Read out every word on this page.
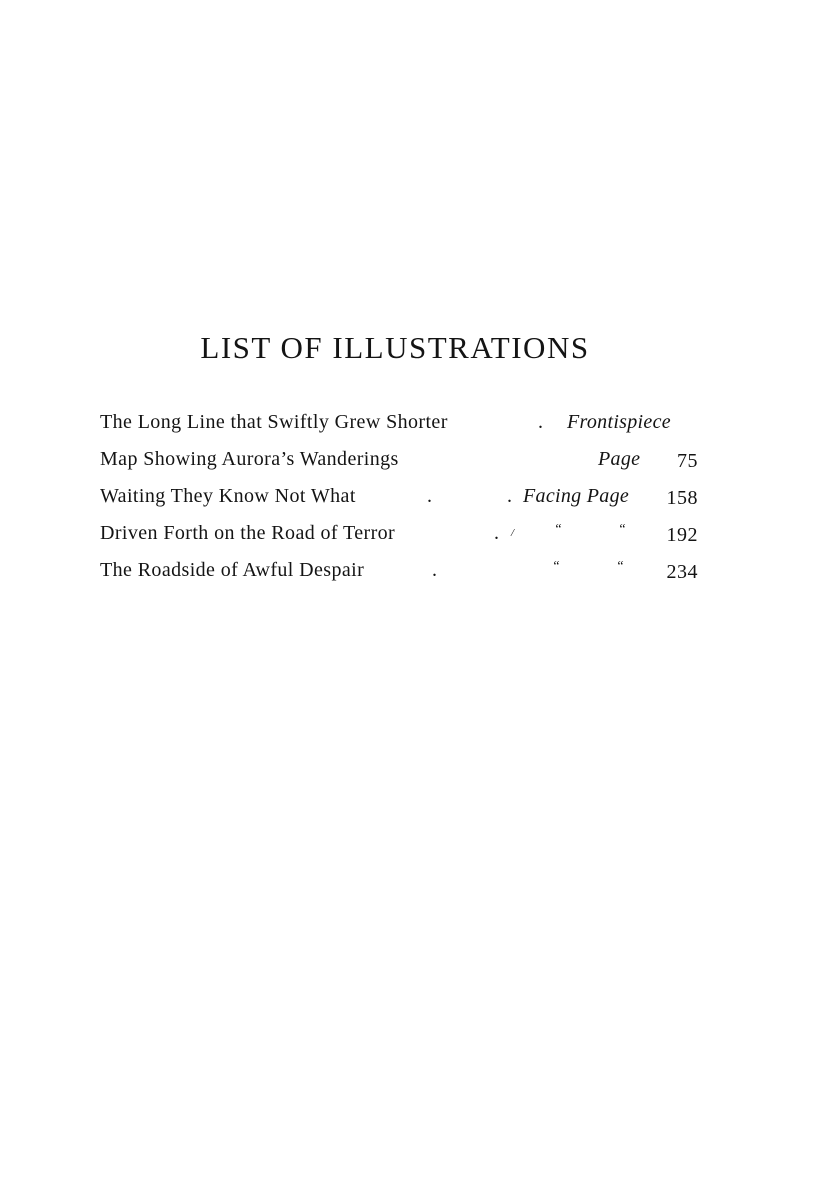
LIST OF ILLUSTRATIONS
The Long Line that Swiftly Grew Shorter	. Frontispiece
Map Showing Aurora’s Wanderings	Page 75
Waiting They Know Not What	.	. Facing Page 158
Driven Forth on the Road of Terror	. /	“	“ 192
The Roadside of Awful Despair	.	“	“ 234
